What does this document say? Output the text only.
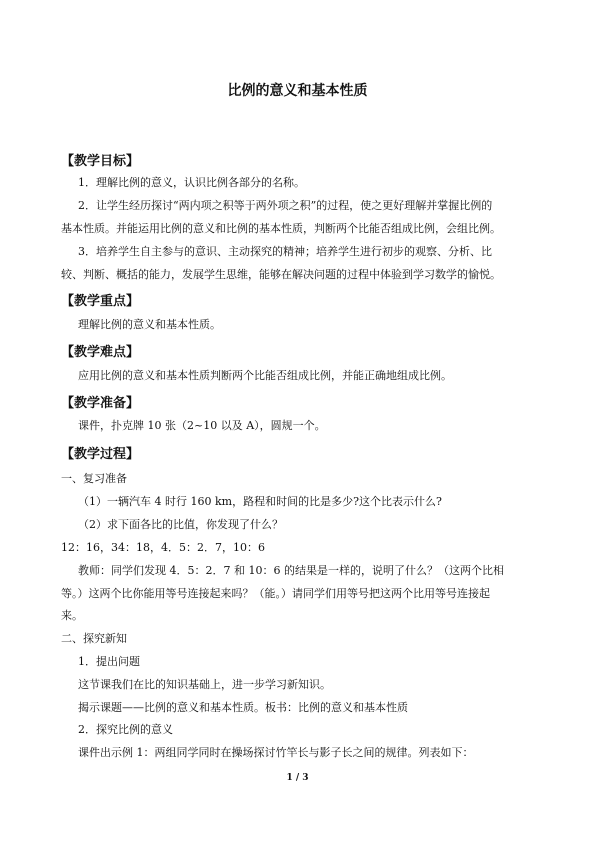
比例的意义和基本性质
【教学目标】
1．理解比例的意义，认识比例各部分的名称。
2．让学生经历探讨“两内项之积等于两外项之积”的过程，使之更好理解并掌握比例的
基本性质。并能运用比例的意义和比例的基本性质，判断两个比能否组成比例，会组比例。
3．培养学生自主参与的意识、主动探究的精神；培养学生进行初步的观察、分析、比
较、判断、概括的能力，发展学生思维，能够在解决问题的过程中体验到学习数学的愉悦。
【教学重点】
理解比例的意义和基本性质。
【教学难点】
应用比例的意义和基本性质判断两个比能否组成比例，并能正确地组成比例。
【教学准备】
课件，扑克牌 10 张（2~10 以及 A），圆规一个。
【教学过程】
一、复习准备
（1）一辆汽车 4 时行 160 km，路程和时间的比是多少?这个比表示什么?
（2）求下面各比的比值，你发现了什么？
12：16，34：18，4．5：2．7，10：6
教师：同学们发现 4．5：2．7 和 10：6 的结果是一样的，说明了什么？（这两个比相
等。）这两个比你能用等号连接起来吗？（能。）请同学们用等号把这两个比用等号连接起
来。
二、探究新知
1．提出问题
这节课我们在比的知识基础上，进一步学习新知识。
揭示课题——比例的意义和基本性质。板书：比例的意义和基本性质
2．探究比例的意义
课件出示例 1：两组同学同时在操场探讨竹竿长与影子长之间的规律。列表如下：
1 / 3
